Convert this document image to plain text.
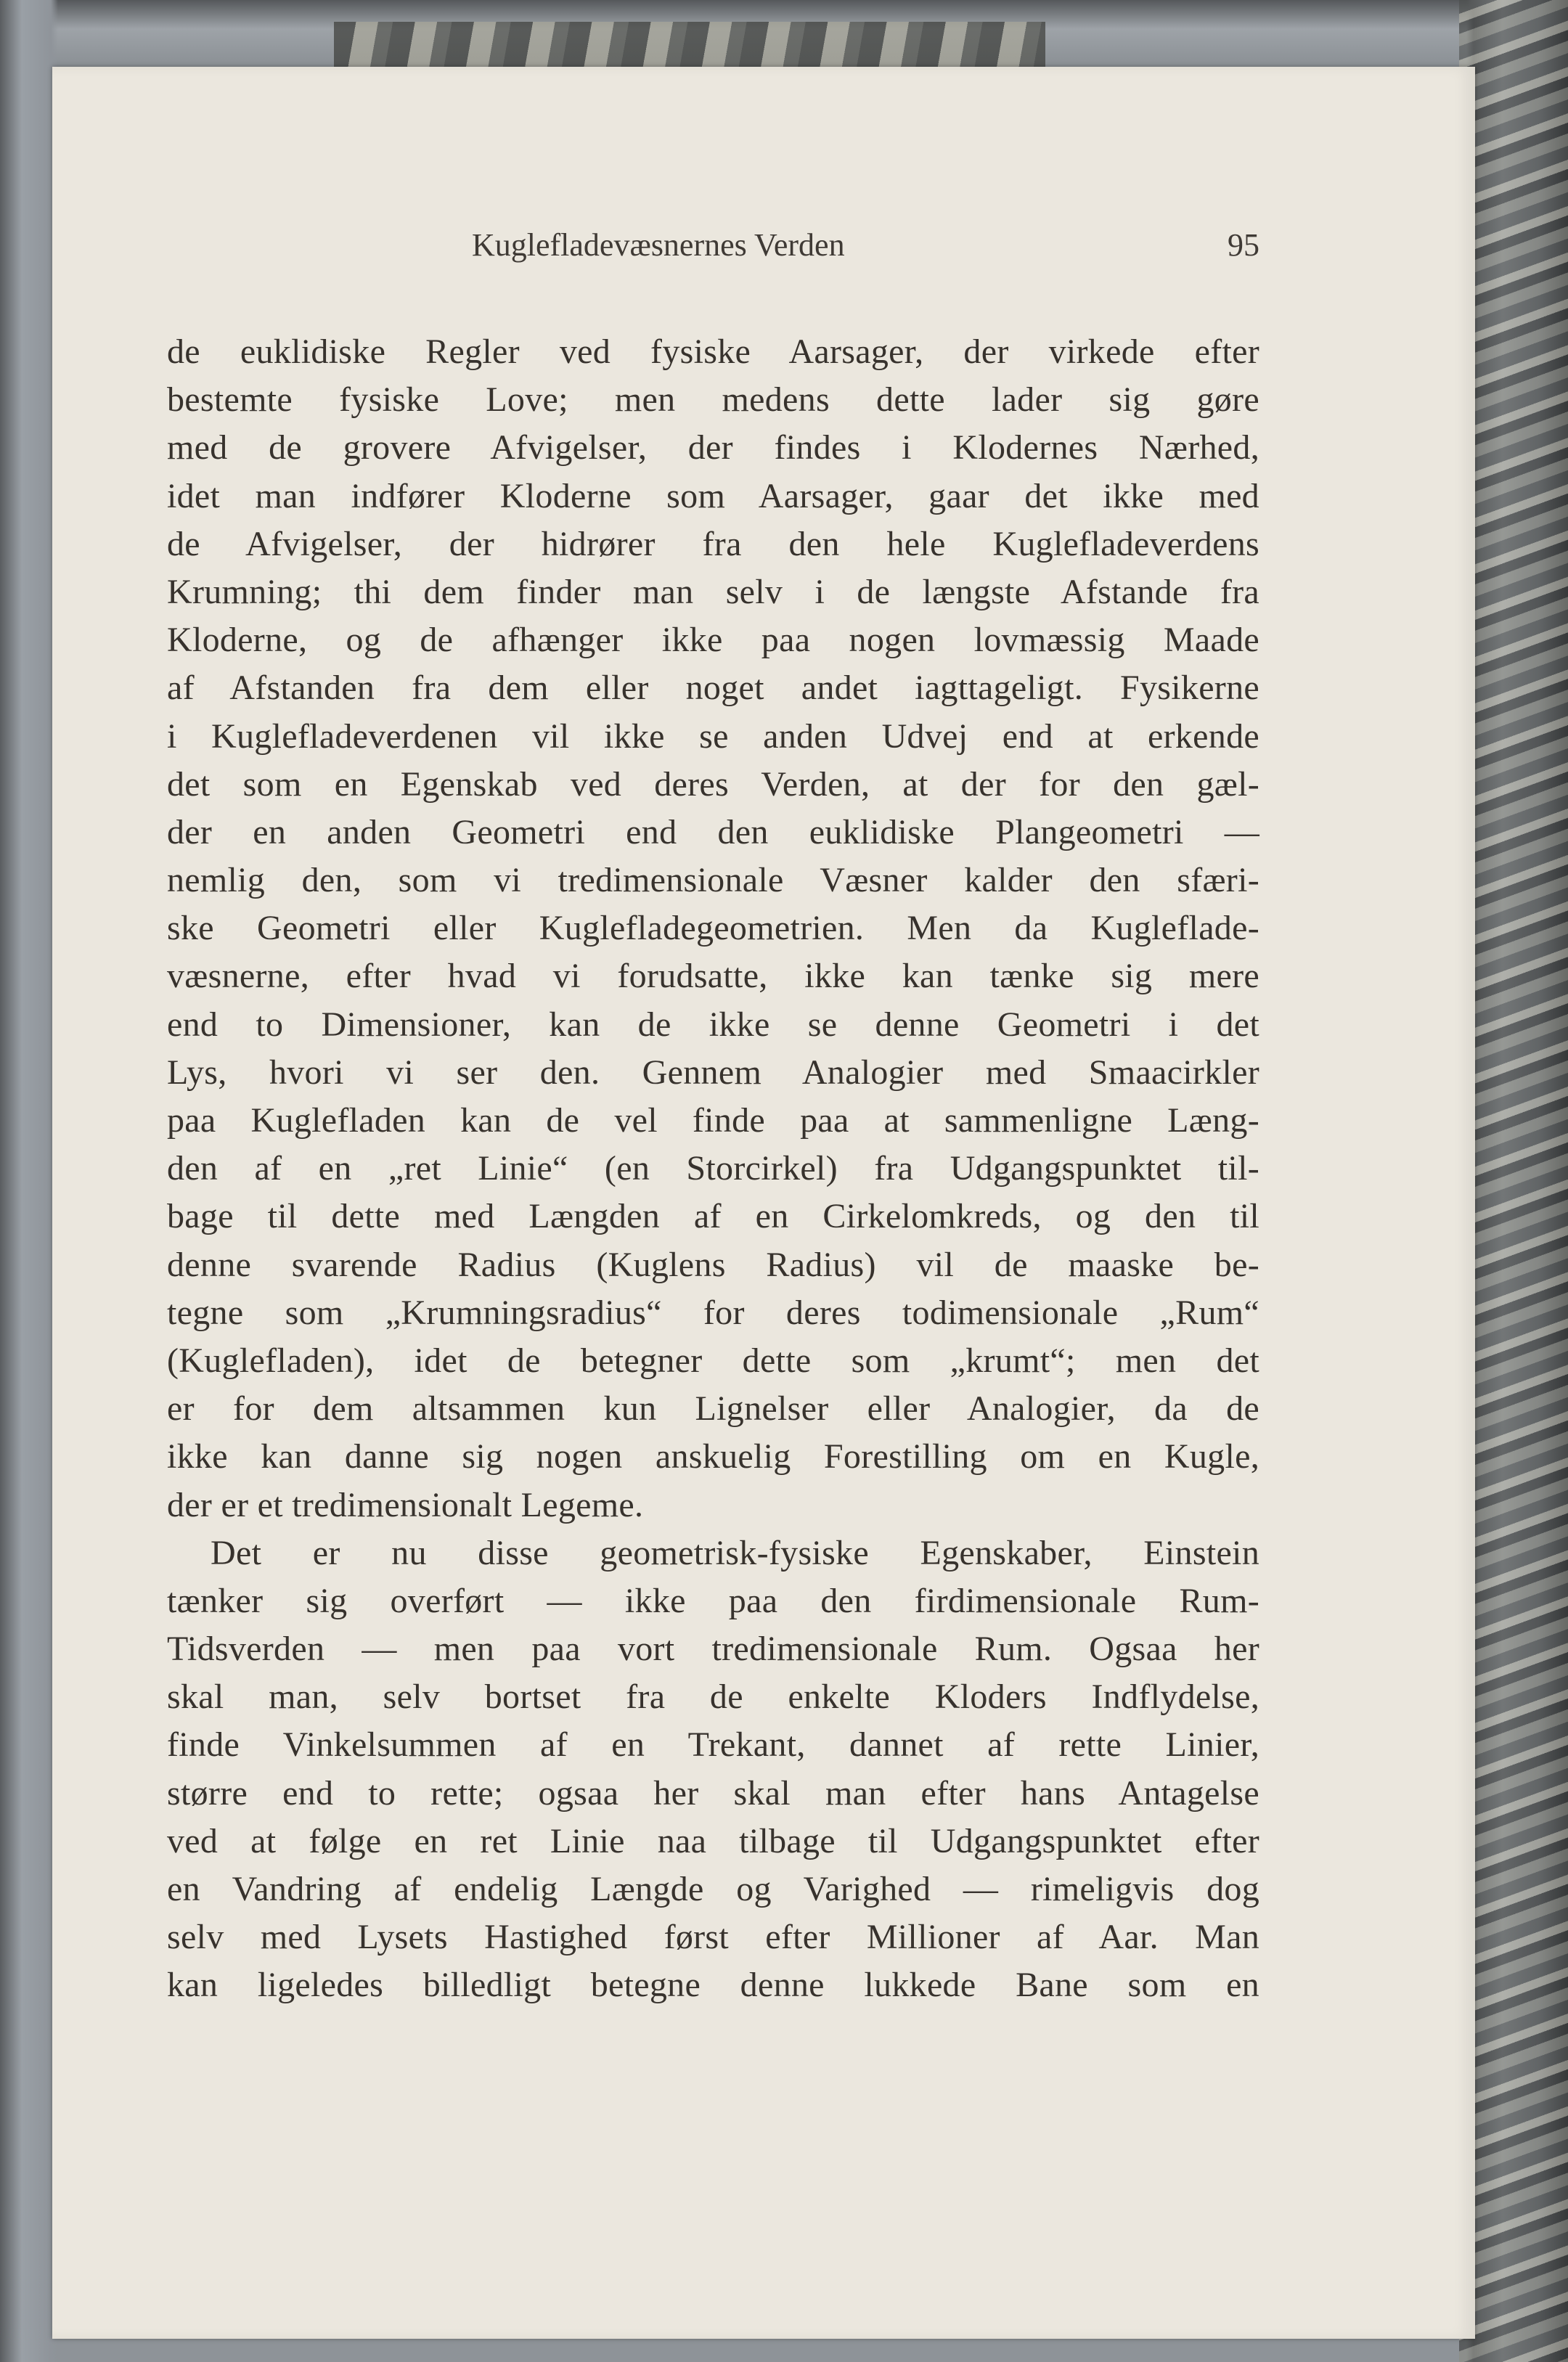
Kuglefladevæsnernes Verden	95
de euklidiske Regler ved fysiske Aarsager, der virkede efter
bestemte fysiske Love; men medens dette lader sig gøre
med de grovere Afvigelser, der findes i Klodernes Nærhed,
idet man indfører Kloderne som Aarsager, gaar det ikke med
de Afvigelser, der hidrører fra den hele Kuglefladeverdens
Krumning; thi dem finder man selv i de længste Afstande fra
Kloderne, og de afhænger ikke paa nogen lovmæssig Maade
af Afstanden fra dem eller noget andet iagttageligt. Fysikerne
i Kuglefladeverdenen vil ikke se anden Udvej end at erkende
det som en Egenskab ved deres Verden, at der for den gæl-
der en anden Geometri end den euklidiske Plangeometri —
nemlig den, som vi tredimensionale Væsner kalder den sfæri-
ske Geometri eller Kuglefladegeometrien. Men da Kugleflade-
væsnerne, efter hvad vi forudsatte, ikke kan tænke sig mere
end to Dimensioner, kan de ikke se denne Geometri i det
Lys, hvori vi ser den. Gennem Analogier med Smaacirkler
paa Kuglefladen kan de vel finde paa at sammenligne Læng-
den af en „ret Linie“ (en Storcirkel) fra Udgangspunktet til-
bage til dette med Længden af en Cirkelomkreds, og den til
denne svarende Radius (Kuglens Radius) vil de maaske be-
tegne som „Krumningsradius“ for deres todimensionale „Rum“
(Kuglefladen), idet de betegner dette som „krumt“; men det
er for dem altsammen kun Lignelser eller Analogier, da de
ikke kan danne sig nogen anskuelig Forestilling om en Kugle,
der er et tredimensionalt Legeme.
Det er nu disse geometrisk-fysiske Egenskaber, Einstein
tænker sig overført — ikke paa den firdimensionale Rum-
Tidsverden — men paa vort tredimensionale Rum. Ogsaa her
skal man, selv bortset fra de enkelte Kloders Indflydelse,
finde Vinkelsummen af en Trekant, dannet af rette Linier,
større end to rette; ogsaa her skal man efter hans Antagelse
ved at følge en ret Linie naa tilbage til Udgangspunktet efter
en Vandring af endelig Længde og Varighed — rimeligvis dog
selv med Lysets Hastighed først efter Millioner af Aar. Man
kan ligeledes billedligt betegne denne lukkede Bane som en
